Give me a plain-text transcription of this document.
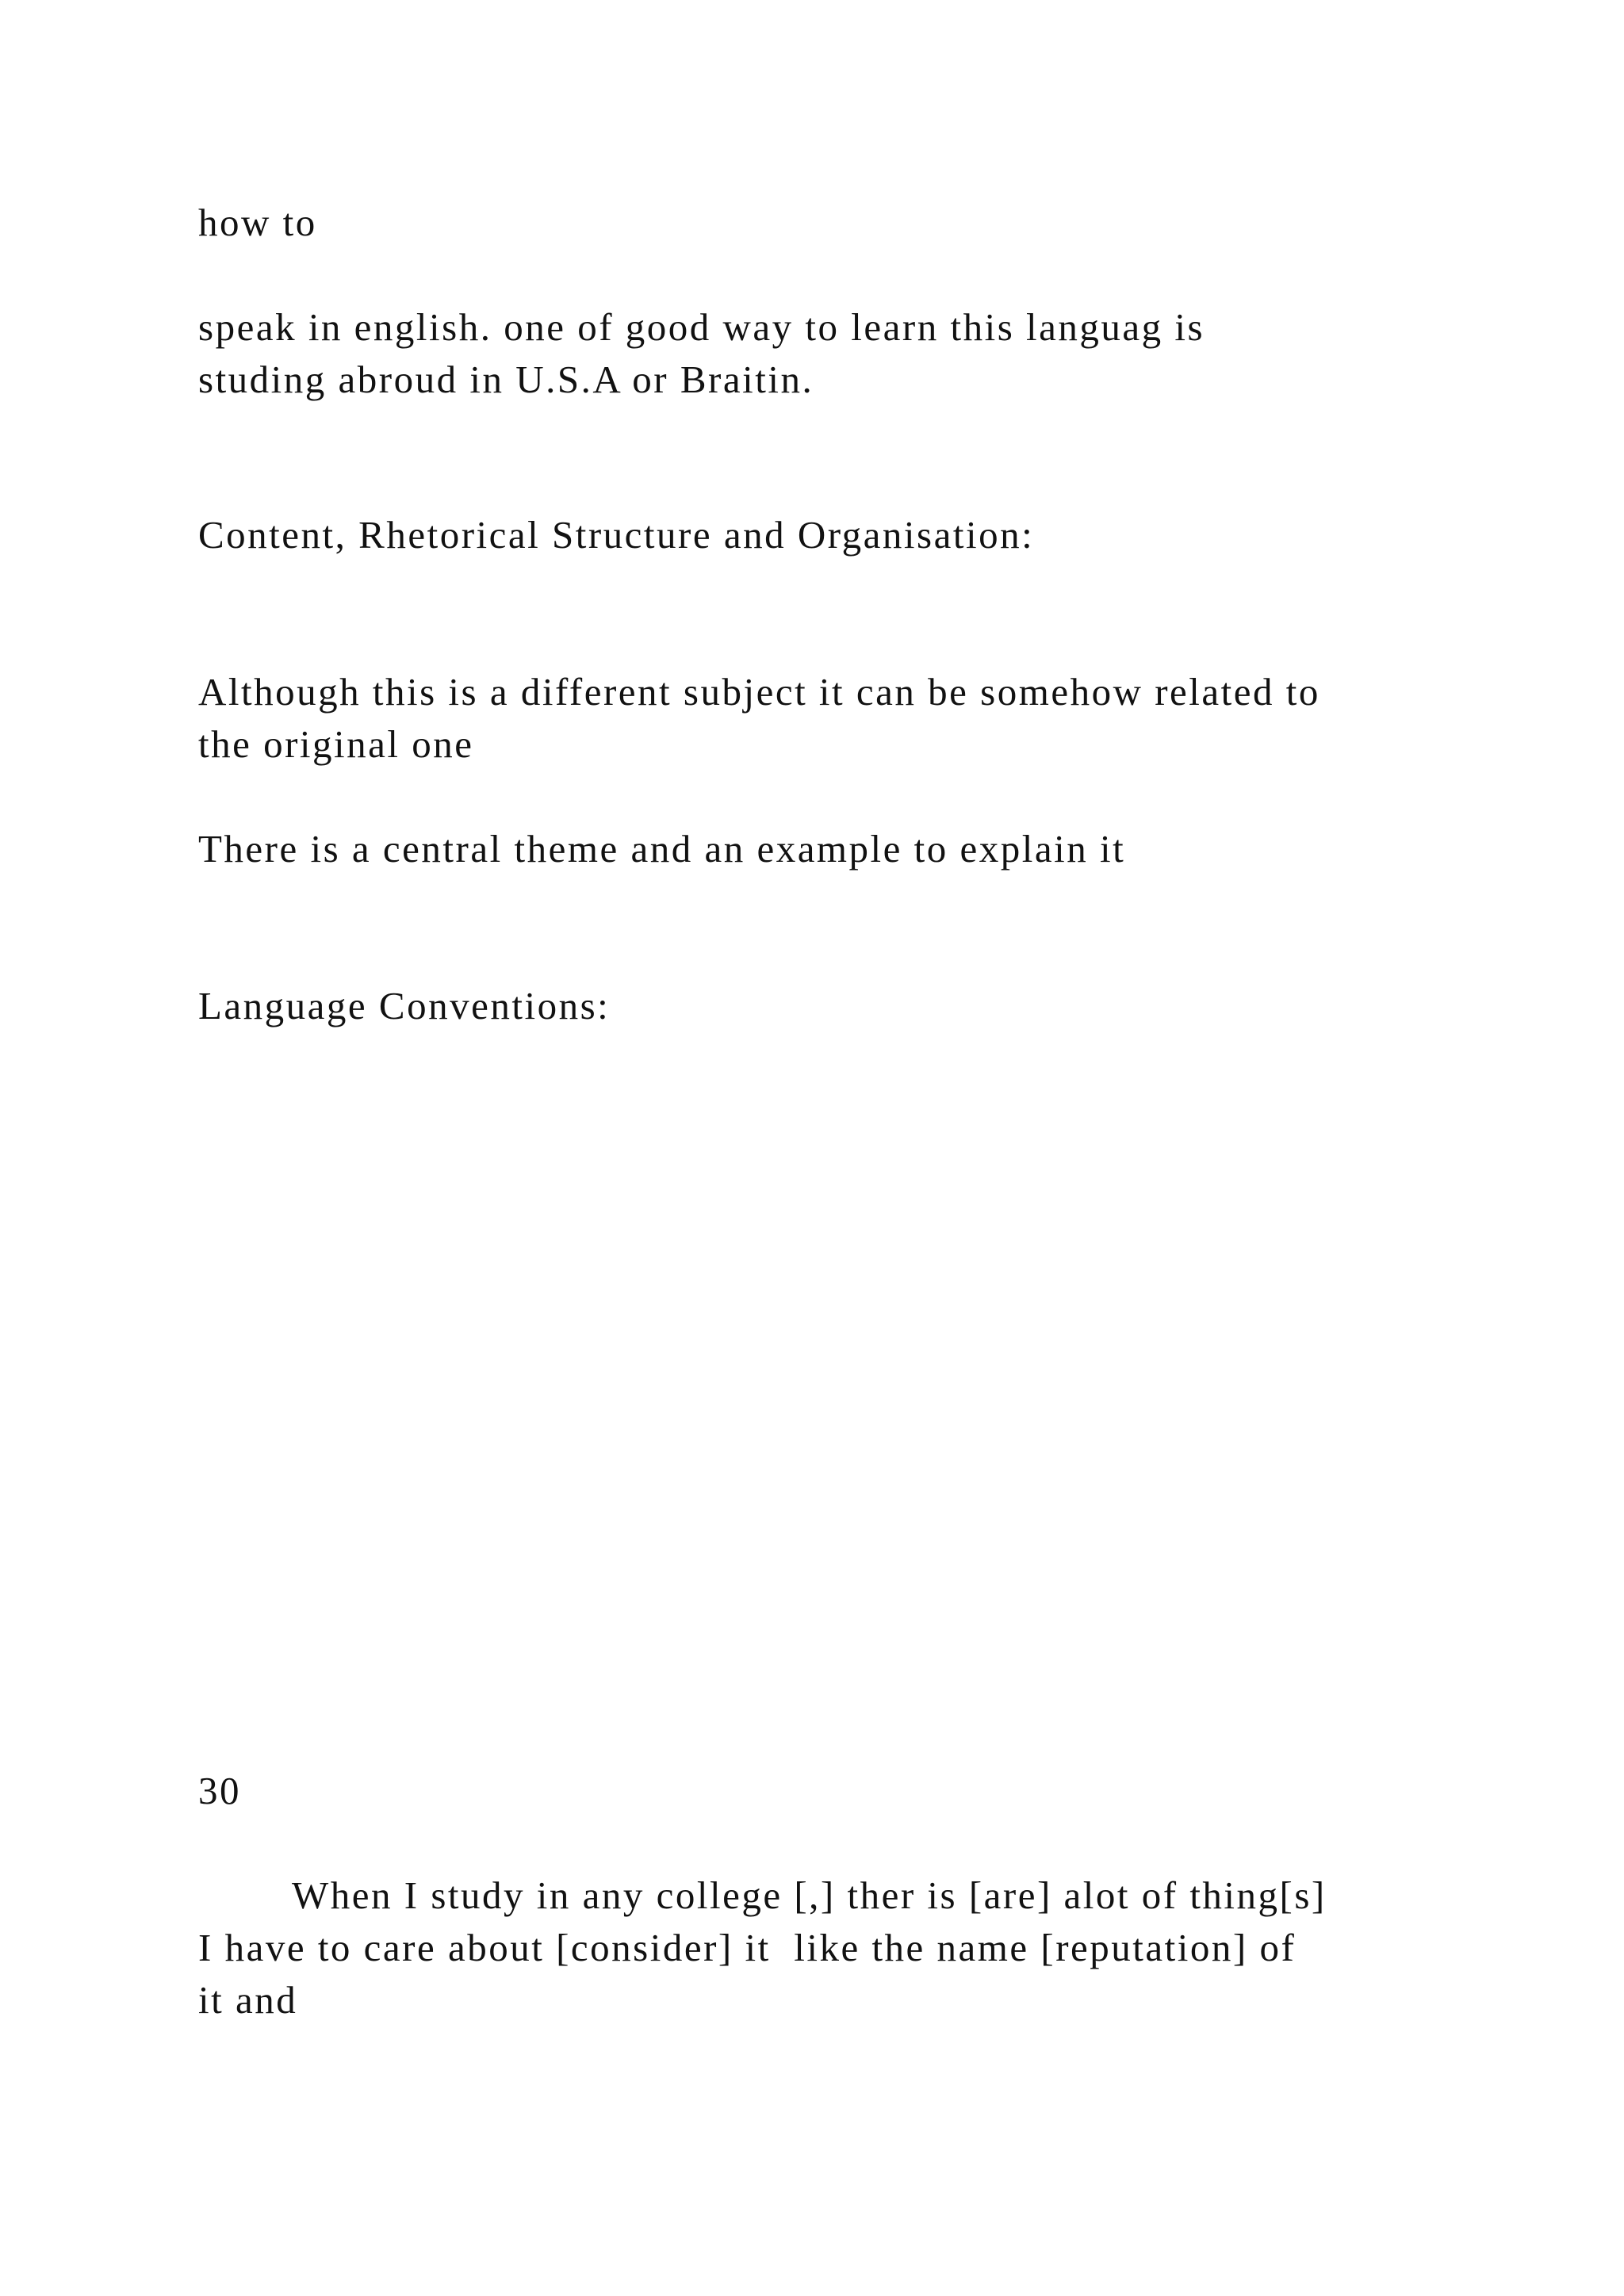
how to

speak in english. one of good way to learn this languag is

studing abroud in U.S.A or Braitin.

Content, Rhetorical Structure and Organisation:

Although this is a different subject it can be somehow related to

the original one

There is a central theme and an example to explain it

Language Conventions:

30

When I study in any college [,] ther is [are] alot of thing[s]

I have to care about [consider] it  like the name [reputation] of

it and
